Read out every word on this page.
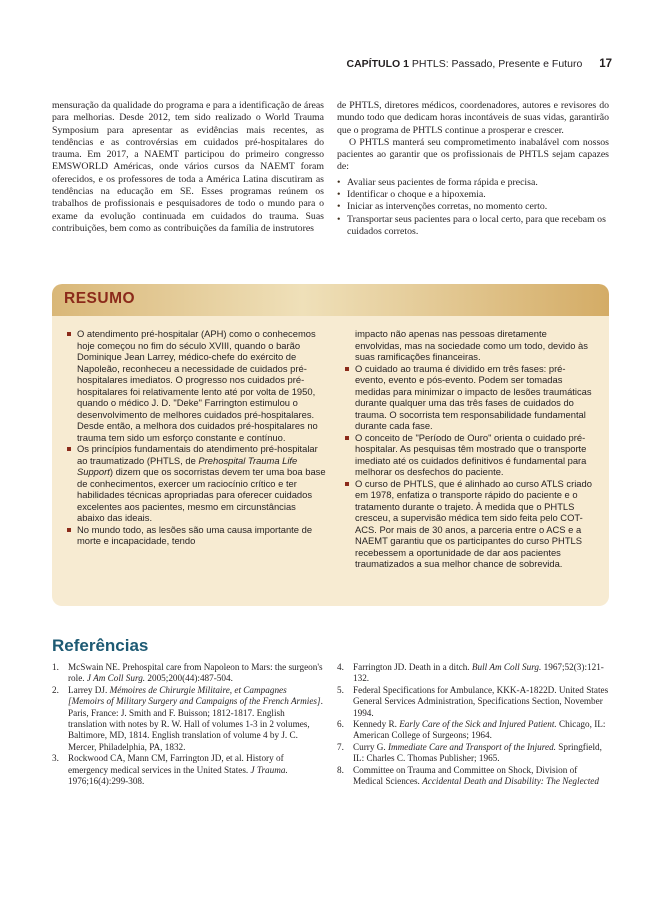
CAPÍTULO 1 PHTLS: Passado, Presente e Futuro 17

mensuração da qualidade do programa e para a identificação de áreas para melhorias. Desde 2012, tem sido realizado o World Trauma Symposium para apresentar as evidências mais recentes, as tendências e as controvérsias em cuidados pré-hospitalares do trauma. Em 2017, a NAEMT participou do primeiro congresso EMSWORLD Américas, onde vários cursos da NAEMT foram oferecidos, e os professores de toda a América Latina discutiram as tendências na educação em SE. Esses programas reúnem os trabalhos de profissionais e pesquisadores de todo o mundo para o exame da evolução continuada em cuidados do trauma. Suas contribuições, bem como as contribuições da família de instrutores

de PHTLS, diretores médicos, coordenadores, autores e revisores do mundo todo que dedicam horas incontáveis de suas vidas, garantirão que o programa de PHTLS continue a prosperar e crescer.

O PHTLS manterá seu comprometimento inabalável com nossos pacientes ao garantir que os profissionais de PHTLS sejam capazes de:

• Avaliar seus pacientes de forma rápida e precisa.
• Identificar o choque e a hipoxemia.
• Iniciar as intervenções corretas, no momento certo.
• Transportar seus pacientes para o local certo, para que recebam os cuidados corretos.
RESUMO
O atendimento pré-hospitalar (APH) como o conhecemos hoje começou no fim do século XVIII, quando o barão Dominique Jean Larrey, médico-chefe do exército de Napoleão, reconheceu a necessidade de cuidados pré-hospitalares imediatos. O progresso nos cuidados pré-hospitalares foi relativamente lento até por volta de 1950, quando o médico J. D. "Deke" Farrington estimulou o desenvolvimento de melhores cuidados pré-hospitalares. Desde então, a melhora dos cuidados pré-hospitalares no trauma tem sido um esforço constante e contínuo.
Os princípios fundamentais do atendimento pré-hospitalar ao traumatizado (PHTLS, de Prehospital Trauma Life Support) dizem que os socorristas devem ter uma boa base de conhecimentos, exercer um raciocínio crítico e ter habilidades técnicas apropriadas para oferecer cuidados excelentes aos pacientes, mesmo em circunstâncias abaixo das ideais.
No mundo todo, as lesões são uma causa importante de morte e incapacidade, tendo
impacto não apenas nas pessoas diretamente envolvidas, mas na sociedade como um todo, devido às suas ramificações financeiras.
O cuidado ao trauma é dividido em três fases: pré-evento, evento e pós-evento. Podem ser tomadas medidas para minimizar o impacto de lesões traumáticas durante qualquer uma das três fases de cuidados do trauma. O socorrista tem responsabilidade fundamental durante cada fase.
O conceito de "Período de Ouro" orienta o cuidado pré-hospitalar. As pesquisas têm mostrado que o transporte imediato até os cuidados definitivos é fundamental para melhorar os desfechos do paciente.
O curso de PHTLS, que é alinhado ao curso ATLS criado em 1978, enfatiza o transporte rápido do paciente e o tratamento durante o trajeto. À medida que o PHTLS cresceu, a supervisão médica tem sido feita pelo COT-ACS. Por mais de 30 anos, a parceria entre o ACS e a NAEMT garantiu que os participantes do curso PHTLS recebessem a oportunidade de dar aos pacientes traumatizados a sua melhor chance de sobrevida.
Referências
1. McSwain NE. Prehospital care from Napoleon to Mars: the surgeon's role. J Am Coll Surg. 2005;200(44):487-504.
2. Larrey DJ. Mémoires de Chirurgie Militaire, et Campagnes [Memoirs of Military Surgery and Campaigns of the French Armies]. Paris, France: J. Smith and F. Buisson; 1812-1817. English translation with notes by R. W. Hall of volumes 1-3 in 2 volumes, Baltimore, MD, 1814. English translation of volume 4 by J. C. Mercer, Philadelphia, PA, 1832.
3. Rockwood CA, Mann CM, Farrington JD, et al. History of emergency medical services in the United States. J Trauma. 1976;16(4):299-308.
4. Farrington JD. Death in a ditch. Bull Am Coll Surg. 1967;52(3):121-132.
5. Federal Specifications for Ambulance, KKK-A-1822D. United States General Services Administration, Specifications Section, November 1994.
6. Kennedy R. Early Care of the Sick and Injured Patient. Chicago, IL: American College of Surgeons; 1964.
7. Curry G. Immediate Care and Transport of the Injured. Springfield, IL: Charles C. Thomas Publisher; 1965.
8. Committee on Trauma and Committee on Shock, Division of Medical Sciences. Accidental Death and Disability: The Neglected
